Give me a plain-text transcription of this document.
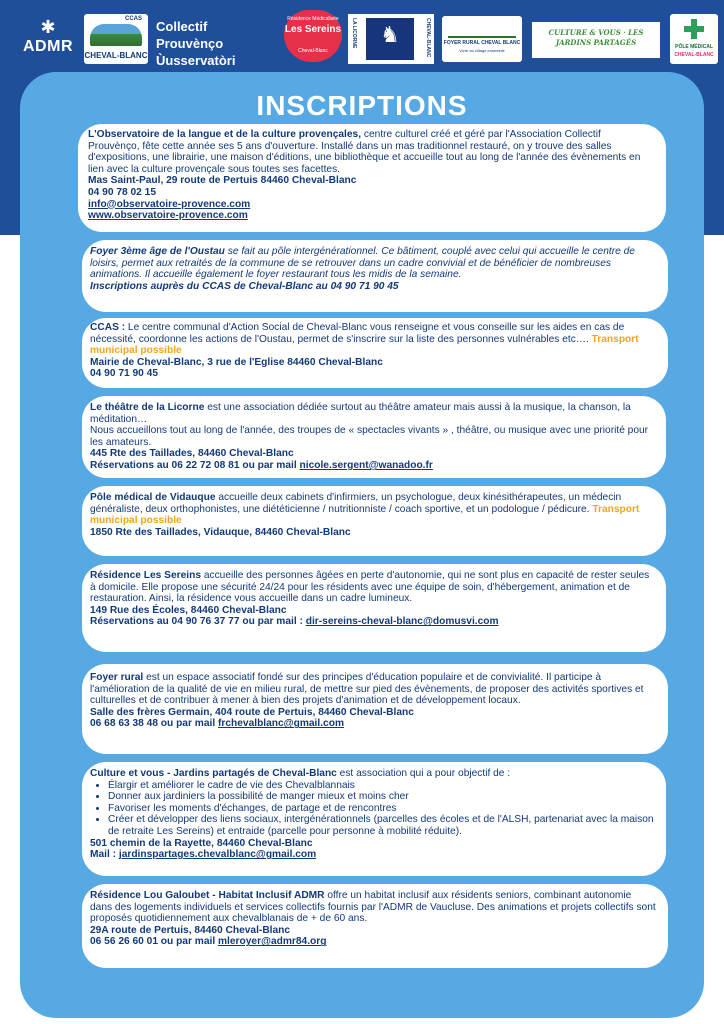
✱
ADMR
CCAS
CHEVAL-BLANC
Collectif Prouvènço
Ùusservatòri
Résidence Médicalisée
Les Sereins
Cheval-Blanc
LA LICORNE	♞	CHEVAL-BLANC	FOYER RURAL CHEVAL BLANC
Vivre au village ensemble
CULTURE & VOUS · LES JARDINS PARTAGÉS	PÔLE MÉDICAL
CHEVAL-BLANC
INSCRIPTIONS

L'Observatoire de la langue et de la culture provençales, centre culturel créé et géré par l'Association Collectif Prouvènço, fête cette année ses 5 ans d'ouverture. Installé dans un mas traditionnel restauré, on y trouve des salles d'expositions, une librairie, une maison d'éditions, une bibliothèque et accueille tout au long de l'année des évènements en lien avec la culture provençale sous toutes ses facettes.

Mas Saint-Paul, 29 route de Pertuis 84460 Cheval-Blanc

04 90 78 02 15

info@observatoire-provence.com

www.observatoire-provence.com

Foyer 3ème âge de l'Oustau se fait au pôle intergénérationnel. Ce bâtiment, couplé avec celui qui accueille le centre de loisirs, permet aux retraités de la commune de se retrouver dans un cadre convivial et de bénéficier de nombreuses animations. Il accueille également le foyer restaurant tous les midis de la semaine.

Inscriptions auprès du CCAS de Cheval-Blanc au 04 90 71 90 45

CCAS : Le centre communal d'Action Social de Cheval-Blanc vous renseigne et vous conseille sur les aides en cas de nécessité, coordonne les actions de l'Oustau, permet de s'inscrire sur la liste des personnes vulnérables etc…. Transport municipal possible

Mairie de Cheval-Blanc, 3 rue de l'Eglise 84460 Cheval-Blanc

04 90 71 90 45

Le théâtre de la Licorne est une association dédiée surtout au théâtre amateur mais aussi à la musique, la chanson, la méditation…

Nous accueillons tout au long de l'année, des troupes de « spectacles vivants » , théâtre, ou musique avec une priorité pour les amateurs.

445 Rte des Taillades, 84460 Cheval-Blanc

Réservations au 06 22 72 08 81 ou par mail nicole.sergent@wanadoo.fr

Pôle médical de Vidauque accueille deux cabinets d'infirmiers, un psychologue, deux kinésithérapeutes, un médecin généraliste, deux orthophonistes, une diététicienne / nutritionniste / coach sportive, et un podologue / pédicure. Transport municipal possible

1850 Rte des Taillades, Vidauque, 84460 Cheval-Blanc

Résidence Les Sereins accueille des personnes âgées en perte d'autonomie, qui ne sont plus en capacité de rester seules à domicile. Elle propose une sécurité 24/24 pour les résidents avec une équipe de soin, d'hébergement, animation et de restauration. Ainsi, la résidence vous accueille dans un cadre lumineux.

149 Rue des Écoles, 84460 Cheval-Blanc

Réservations au 04 90 76 37 77 ou par mail : dir-sereins-cheval-blanc@domusvi.com

Foyer rural est un espace associatif fondé sur des principes d'éducation populaire et de convivialité. Il participe à l'amélioration de la qualité de vie en milieu rural, de mettre sur pied des évènements, de proposer des activités sportives et culturelles et de contribuer à mener à bien des projets d'animation et de développement locaux.

Salle des frères Germain, 404 route de Pertuis, 84460 Cheval-Blanc

06 68 63 38 48 ou par mail frchevalblanc@gmail.com

Culture et vous - Jardins partagés de Cheval-Blanc est association qui a pour objectif de :

• Élargir et améliorer le cadre de vie des Chevalblannais
• Donner aux jardiniers la possibilité de manger mieux et moins cher
• Favoriser les moments d'échanges, de partage et de rencontres
• Créer et développer des liens sociaux, intergénérationnels (parcelles des écoles et de l'ALSH, partenariat avec la maison de retraite Les Sereins) et entraide (parcelle pour personne à mobilité réduite).

501 chemin de la Rayette, 84460 Cheval-Blanc

Mail : jardinspartages.chevalblanc@gmail.com

Résidence Lou Galoubet - Habitat Inclusif ADMR offre un habitat inclusif aux résidents seniors, combinant autonomie dans des logements individuels et services collectifs fournis par l'ADMR de Vaucluse. Des animations et projets collectifs sont proposés quotidiennement aux chevalblanais de + de 60 ans.

29A route de Pertuis, 84460 Cheval-Blanc

06 56 26 60 01 ou par mail mleroyer@admr84.org
